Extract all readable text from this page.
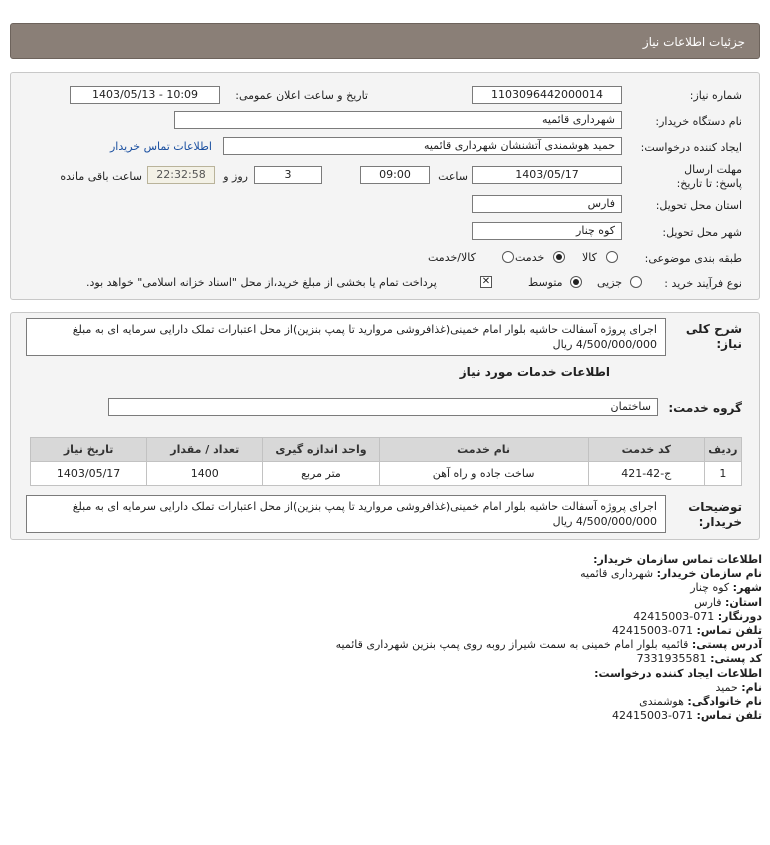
جزئیات اطلاعات نیاز
شماره نیاز:
1103096442000014
تاریخ و ساعت اعلان عمومی:
1403/05/13 - 10:09
نام دستگاه خریدار:
شهرداری قائمیه
ایجاد کننده درخواست:
حمید هوشمندی آتشنشان شهرداری قائمیه
اطلاعات تماس خریدار
مهلت ارسال پاسخ: تا تاریخ:
1403/05/17
ساعت
09:00
3
روز و
22:32:58
ساعت باقی مانده
استان محل تحویل:
فارس
شهر محل تحویل:
کوه چنار
طبقه بندی موضوعی:
کالا
خدمت
کالا/خدمت
نوع فرآیند خرید :
جزیی
متوسط
✕
پرداخت تمام یا بخشی از مبلغ خرید،از محل "اسناد خزانه اسلامی" خواهد بود.
شرح کلی نیاز:
اجرای پروژه آسفالت حاشیه بلوار امام خمینی(غذافروشی مروارید تا پمپ بنزین)از محل اعتبارات تملک دارایی سرمایه ای به مبلغ 4/500/000/000 ریال
اطلاعات خدمات مورد نیاز
گروه خدمت:
ساختمان
ردیف	کد خدمت	نام خدمت	واحد اندازه گیری	تعداد / مقدار	تاریخ نیاز
1	ج-42-421	ساخت جاده و راه آهن	متر مربع	1400	1403/05/17
توضیحات خریدار:
اجرای پروژه آسفالت حاشیه بلوار امام خمینی(غذافروشی مروارید تا پمپ بنزین)از محل اعتبارات تملک دارایی سرمایه ای به مبلغ 4/500/000/000 ریال
اطلاعات تماس سازمان خریدار:
نام سازمان خریدار: شهرداری قائمیه
شهر: کوه چنار
استان: فارس
دورنگار: 071-42415003
تلفن تماس: 071-42415003
آدرس پستی: قائمیه بلوار امام خمینی به سمت شیراز روبه روی پمپ بنزین شهرداری قائمیه
کد پستی: 7331935581
اطلاعات ایجاد کننده درخواست:
نام: حمید
نام خانوادگی: هوشمندی
تلفن تماس: 071-42415003
